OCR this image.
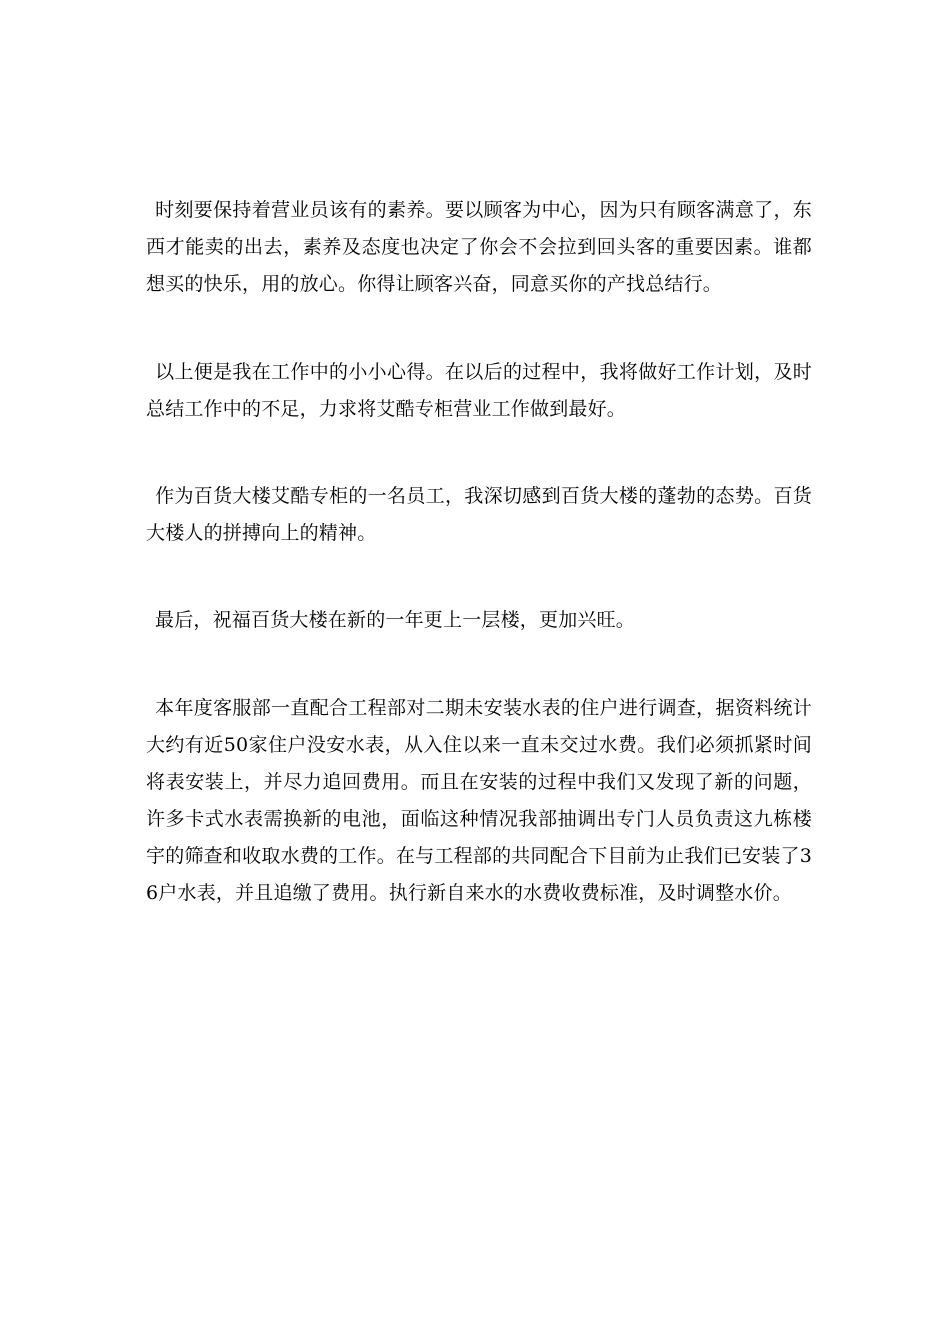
时刻要保持着营业员该有的素养。要以顾客为中心，因为只有顾客满意了，东西才能卖的出去，素养及态度也决定了你会不会拉到回头客的重要因素。谁都想买的快乐，用的放心。你得让顾客兴奋，同意买你的产找总结行。

以上便是我在工作中的小小心得。在以后的过程中，我将做好工作计划，及时总结工作中的不足，力求将艾酷专柜营业工作做到最好。

作为百货大楼艾酷专柜的一名员工，我深切感到百货大楼的蓬勃的态势。百货大楼人的拼搏向上的精神。

最后，祝福百货大楼在新的一年更上一层楼，更加兴旺。

本年度客服部一直配合工程部对二期未安装水表的住户进行调查，据资料统计大约有近50家住户没安水表，从入住以来一直未交过水费。我们必须抓紧时间将表安装上，并尽力追回费用。而且在安装的过程中我们又发现了新的问题，许多卡式水表需换新的电池，面临这种情况我部抽调出专门人员负责这九栋楼宇的筛查和收取水费的工作。在与工程部的共同配合下目前为止我们已安装了36户水表，并且追缴了费用。执行新自来水的水费收费标准，及时调整水价。
